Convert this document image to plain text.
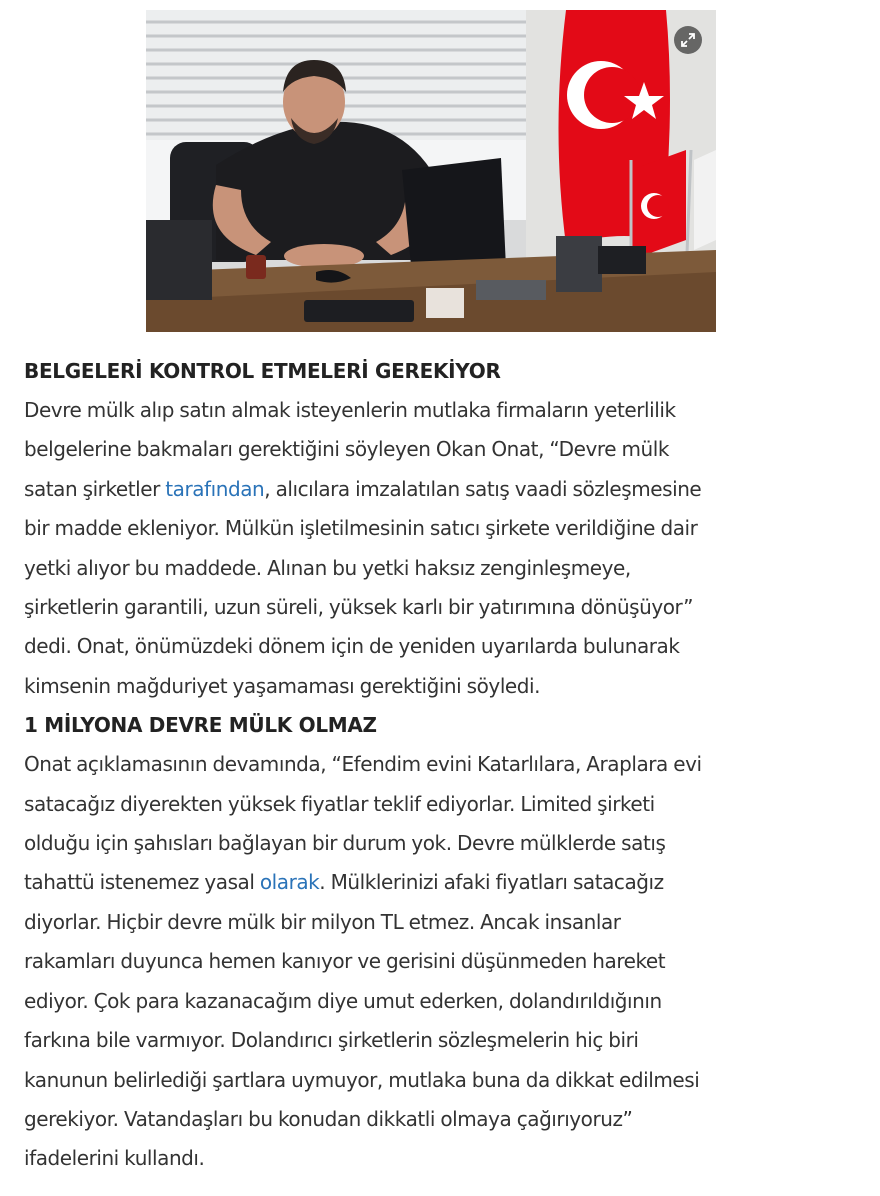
BELGELERİ KONTROL ETMELERİ GEREKİYOR
Devre mülk alıp satın almak isteyenlerin mutlaka firmaların yeterlilik
belgelerine bakmaları gerektiğini söyleyen Okan Onat, “Devre mülk
satan şirketler tarafından, alıcılara imzalatılan satış vaadi sözleşmesine
bir madde ekleniyor. Mülkün işletilmesinin satıcı şirkete verildiğine dair
yetki alıyor bu maddede. Alınan bu yetki haksız zenginleşmeye,
şirketlerin garantili, uzun süreli, yüksek karlı bir yatırımına dönüşüyor”
dedi. Onat, önümüzdeki dönem için de yeniden uyarılarda bulunarak
kimsenin mağduriyet yaşamaması gerektiğini söyledi.
1 MİLYONA DEVRE MÜLK OLMAZ
Onat açıklamasının devamında, “Efendim evini Katarlılara, Araplara evi
satacağız diyerekten yüksek fiyatlar teklif ediyorlar. Limited şirketi
olduğu için şahısları bağlayan bir durum yok. Devre mülklerde satış
tahattü istenemez yasal olarak. Mülklerinizi afaki fiyatları satacağız
diyorlar. Hiçbir devre mülk bir milyon TL etmez. Ancak insanlar
rakamları duyunca hemen kanıyor ve gerisini düşünmeden hareket
ediyor. Çok para kazanacağım diye umut ederken, dolandırıldığının
farkına bile varmıyor. Dolandırıcı şirketlerin sözleşmelerin hiç biri
kanunun belirlediği şartlara uymuyor, mutlaka buna da dikkat edilmesi
gerekiyor. Vatandaşları bu konudan dikkatli olmaya çağırıyoruz”
ifadelerini kullandı.
